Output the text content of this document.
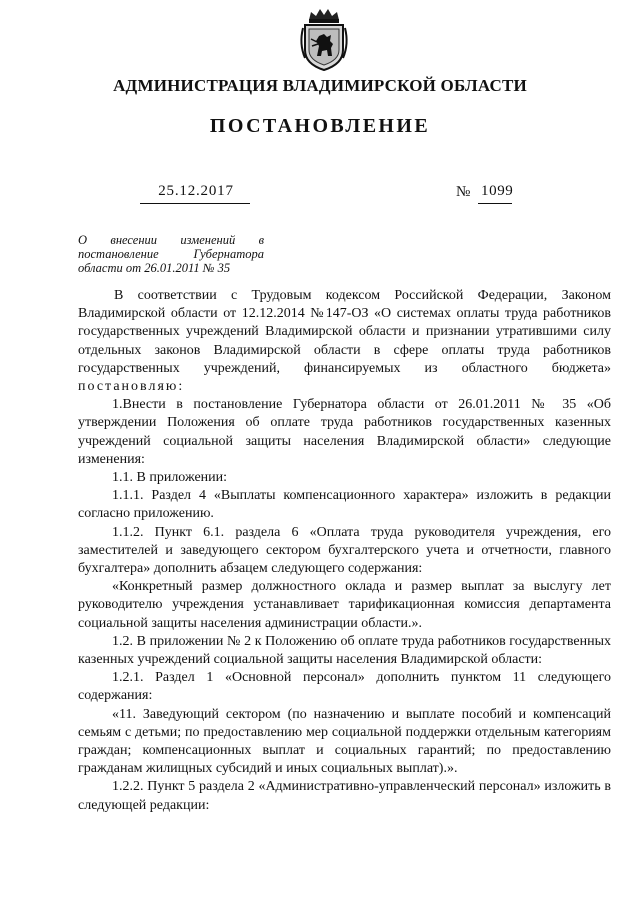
АДМИНИСТРАЦИЯ ВЛАДИМИРСКОЙ ОБЛАСТИ
ПОСТАНОВЛЕНИЕ
25.12.2017	№ 1099
О внесении изменений в постановление Губернатора области от 26.01.2011 № 35

В соответствии с Трудовым кодексом Российской Федерации, Законом Владимирской области от 12.12.2014 №147-ОЗ «О системах оплаты труда работников государственных учреждений Владимирской области и признании утратившими силу отдельных законов Владимирской области в сфере оплаты труда работников государственных учреждений, финансируемых из областного бюджета» постановляю:

1.Внести в постановление Губернатора области от 26.01.2011 № 35 «Об утверждении Положения об оплате труда работников государственных казенных учреждений социальной защиты населения Владимирской области» следующие изменения:

1.1. В приложении:

1.1.1. Раздел 4 «Выплаты компенсационного характера» изложить в редакции согласно приложению.

1.1.2. Пункт 6.1. раздела 6 «Оплата труда руководителя учреждения, его заместителей и заведующего сектором бухгалтерского учета и отчетности, главного бухгалтера» дополнить абзацем следующего содержания:

«Конкретный размер должностного оклада и размер выплат за выслугу лет руководителю учреждения устанавливает тарификационная комиссия департамента социальной защиты населения администрации области.».

1.2. В приложении № 2 к Положению об оплате труда работников государственных казенных учреждений социальной защиты населения Владимирской области:

1.2.1. Раздел 1 «Основной персонал» дополнить пунктом 11 следующего содержания:

«11. Заведующий сектором (по назначению и выплате пособий и компенсаций семьям с детьми; по предоставлению мер социальной поддержки отдельным категориям граждан; компенсационных выплат и социальных гарантий; по предоставлению гражданам жилищных субсидий и иных социальных выплат).».

1.2.2. Пункт 5 раздела 2 «Административно-управленческий персонал» изложить в следующей редакции:
